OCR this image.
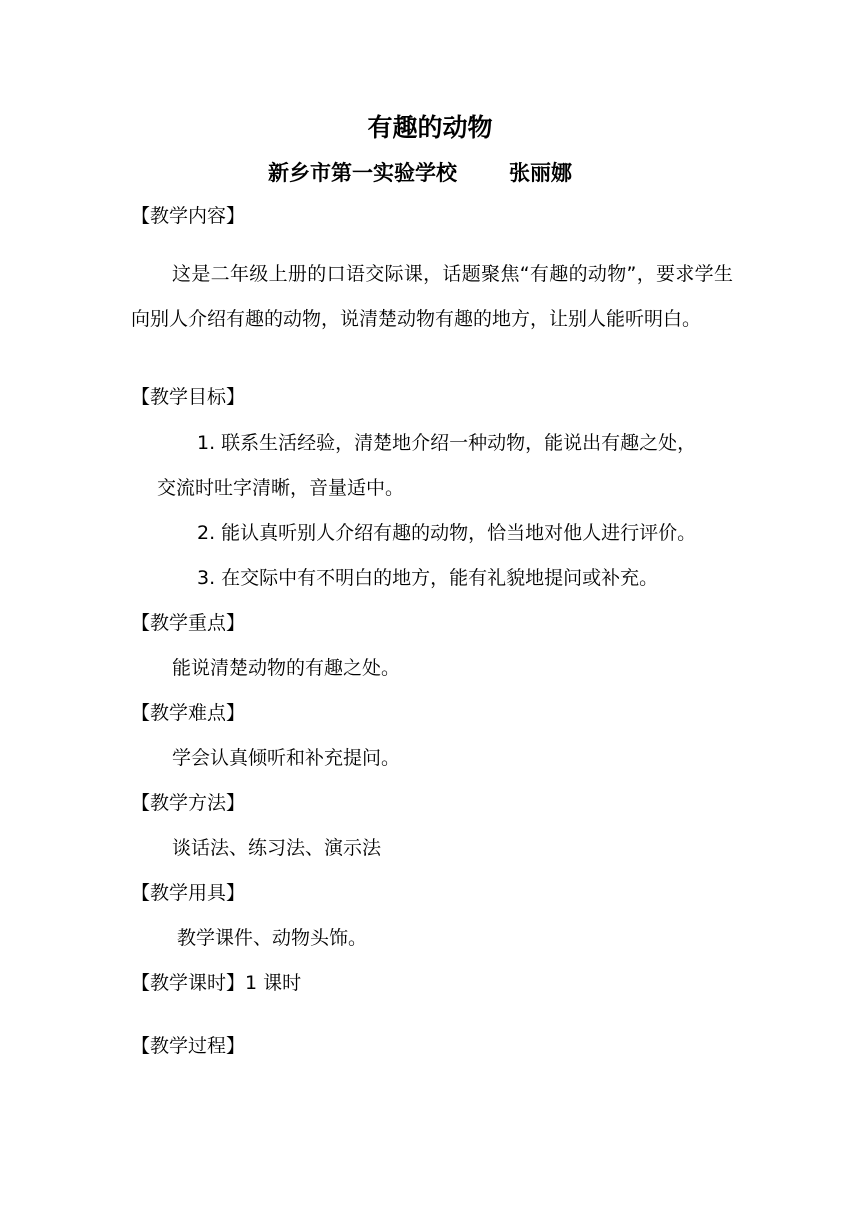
有趣的动物
新乡市第一实验学校 张丽娜
【教学内容】
这是二年级上册的口语交际课，话题聚焦“有趣的动物”，要求学生向别人介绍有趣的动物，说清楚动物有趣的地方，让别人能听明白。
【教学目标】
1. 联系生活经验，清楚地介绍一种动物，能说出有趣之处，
交流时吐字清晰，音量适中。
2. 能认真听别人介绍有趣的动物，恰当地对他人进行评价。
3. 在交际中有不明白的地方，能有礼貌地提问或补充。
【教学重点】
能说清楚动物的有趣之处。
【教学难点】
学会认真倾听和补充提问。
【教学方法】
谈话法、练习法、演示法
【教学用具】
教学课件、动物头饰。
【教学课时】1 课时
【教学过程】
